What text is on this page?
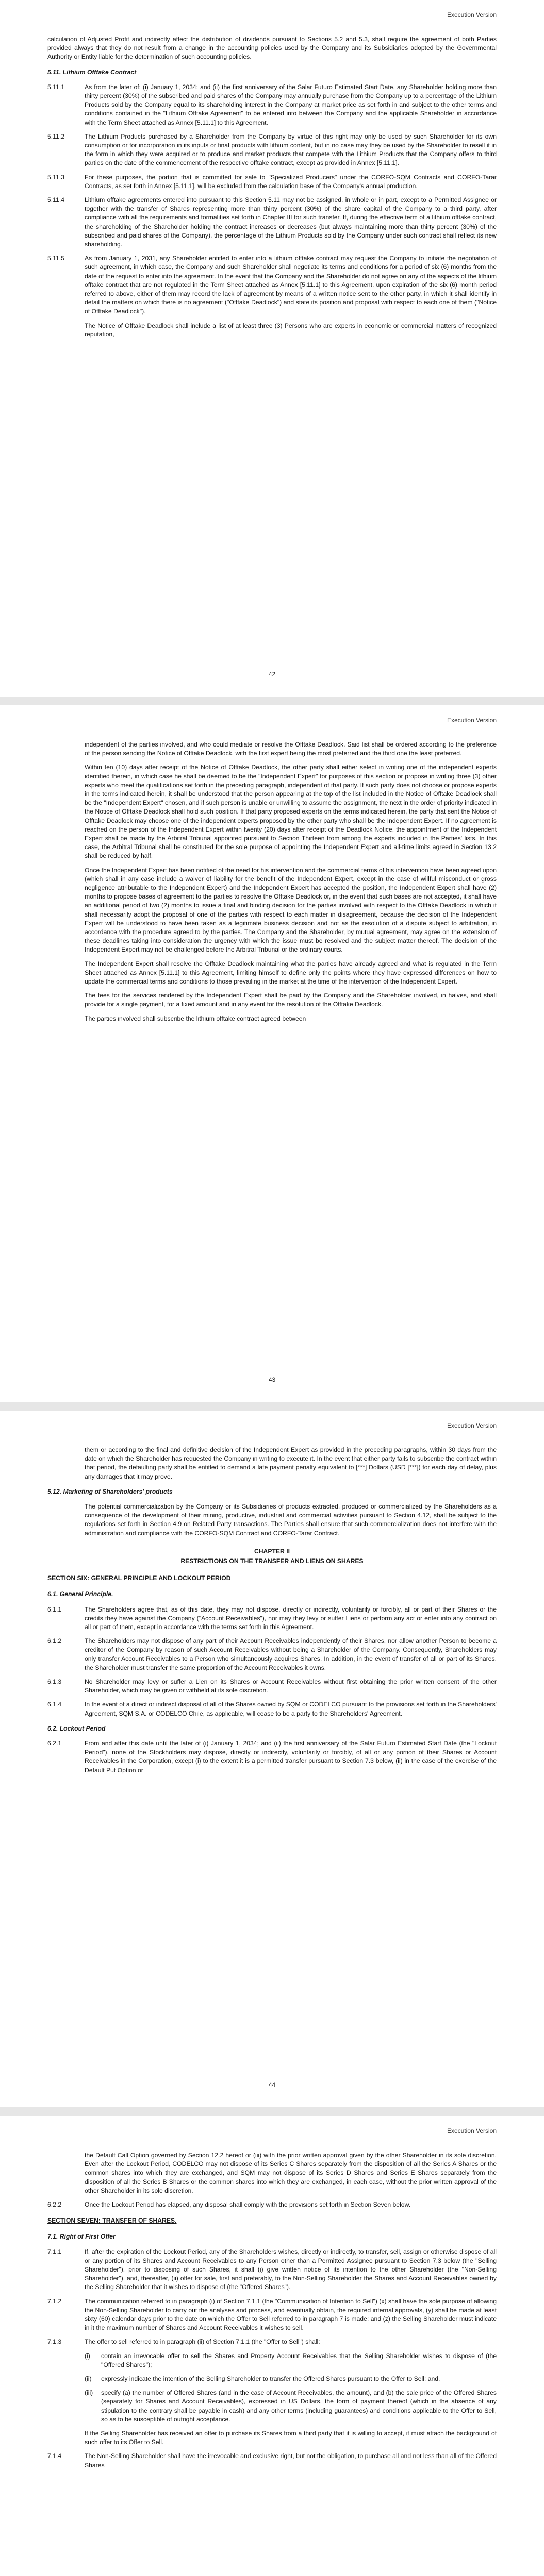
Execution Version

calculation of Adjusted Profit and indirectly affect the distribution of dividends pursuant to Sections 5.2 and 5.3, shall require the agreement of both Parties provided always that they do not result from a change in the accounting policies used by the Company and its Subsidiaries adopted by the Governmental Authority or Entity liable for the determination of such accounting policies.

5.11. Lithium Offtake Contract
5.11.1	As from the later of: (i) January 1, 2034; and (ii) the first anniversary of the Salar Futuro Estimated Start Date, any Shareholder holding more than thirty percent (30%) of the subscribed and paid shares of the Company may annually purchase from the Company up to a percentage of the Lithium Products sold by the Company equal to its shareholding interest in the Company at market price as set forth in and subject to the other terms and conditions contained in the "Lithium Offtake Agreement" to be entered into between the Company and the applicable Shareholder in accordance with the Term Sheet attached as Annex [5.11.1] to this Agreement.
5.11.2	The Lithium Products purchased by a Shareholder from the Company by virtue of this right may only be used by such Shareholder for its own consumption or for incorporation in its inputs or final products with lithium content, but in no case may they be used by the Shareholder to resell it in the form in which they were acquired or to produce and market products that compete with the Lithium Products that the Company offers to third parties on the date of the commencement of the respective offtake contract, except as provided in Annex [5.11.1].
5.11.3	For these purposes, the portion that is committed for sale to "Specialized Producers" under the CORFO-SQM Contracts and CORFO-Tarar Contracts, as set forth in Annex [5.11.1], will be excluded from the calculation base of the Company's annual production.
5.11.4	Lithium offtake agreements entered into pursuant to this Section 5.11 may not be assigned, in whole or in part, except to a Permitted Assignee or together with the transfer of Shares representing more than thirty percent (30%) of the share capital of the Company to a third party, after compliance with all the requirements and formalities set forth in Chapter III for such transfer. If, during the effective term of a lithium offtake contract, the shareholding of the Shareholder holding the contract increases or decreases (but always maintaining more than thirty percent (30%) of the subscribed and paid shares of the Company), the percentage of the Lithium Products sold by the Company under such contract shall reflect its new shareholding.
5.11.5	As from January 1, 2031, any Shareholder entitled to enter into a lithium offtake contract may request the Company to initiate the negotiation of such agreement, in which case, the Company and such Shareholder shall negotiate its terms and conditions for a period of six (6) months from the date of the request to enter into the agreement. In the event that the Company and the Shareholder do not agree on any of the aspects of the lithium offtake contract that are not regulated in the Term Sheet attached as Annex [5.11.1] to this Agreement, upon expiration of the six (6) month period referred to above, either of them may record the lack of agreement by means of a written notice sent to the other party, in which it shall identify in detail the matters on which there is no agreement ("Offtake Deadlock") and state its position and proposal with respect to each one of them ("Notice of Offtake Deadlock").
The Notice of Offtake Deadlock shall include a list of at least three (3) Persons who are experts in economic or commercial matters of recognized reputation,
42
Execution Version
independent of the parties involved, and who could mediate or resolve the Offtake Deadlock. Said list shall be ordered according to the preference of the person sending the Notice of Offtake Deadlock, with the first expert being the most preferred and the third one the least preferred.
Within ten (10) days after receipt of the Notice of Offtake Deadlock, the other party shall either select in writing one of the independent experts identified therein, in which case he shall be deemed to be the "Independent Expert" for purposes of this section or propose in writing three (3) other experts who meet the qualifications set forth in the preceding paragraph, independent of that party. If such party does not choose or propose experts in the terms indicated herein, it shall be understood that the person appearing at the top of the list included in the Notice of Offtake Deadlock shall be the "Independent Expert" chosen, and if such person is unable or unwilling to assume the assignment, the next in the order of priority indicated in the Notice of Offtake Deadlock shall hold such position. If that party proposed experts on the terms indicated herein, the party that sent the Notice of Offtake Deadlock may choose one of the independent experts proposed by the other party who shall be the Independent Expert. If no agreement is reached on the person of the Independent Expert within twenty (20) days after receipt of the Deadlock Notice, the appointment of the Independent Expert shall be made by the Arbitral Tribunal appointed pursuant to Section Thirteen from among the experts included in the Parties' lists. In this case, the Arbitral Tribunal shall be constituted for the sole purpose of appointing the Independent Expert and all-time limits agreed in Section 13.2 shall be reduced by half.
Once the Independent Expert has been notified of the need for his intervention and the commercial terms of his intervention have been agreed upon (which shall in any case include a waiver of liability for the benefit of the Independent Expert, except in the case of willful misconduct or gross negligence attributable to the Independent Expert) and the Independent Expert has accepted the position, the Independent Expert shall have (2) months to propose bases of agreement to the parties to resolve the Offtake Deadlock or, in the event that such bases are not accepted, it shall have an additional period of two (2) months to issue a final and binding decision for the parties involved with respect to the Offtake Deadlock in which it shall necessarily adopt the proposal of one of the parties with respect to each matter in disagreement, because the decision of the Independent Expert will be understood to have been taken as a legitimate business decision and not as the resolution of a dispute subject to arbitration, in accordance with the procedure agreed to by the parties. The Company and the Shareholder, by mutual agreement, may agree on the extension of these deadlines taking into consideration the urgency with which the issue must be resolved and the subject matter thereof. The decision of the Independent Expert may not be challenged before the Arbitral Tribunal or the ordinary courts.
The Independent Expert shall resolve the Offtake Deadlock maintaining what the parties have already agreed and what is regulated in the Term Sheet attached as Annex [5.11.1] to this Agreement, limiting himself to define only the points where they have expressed differences on how to update the commercial terms and conditions to those prevailing in the market at the time of the intervention of the Independent Expert.
The fees for the services rendered by the Independent Expert shall be paid by the Company and the Shareholder involved, in halves, and shall provide for a single payment, for a fixed amount and in any event for the resolution of the Offtake Deadlock.
The parties involved shall subscribe the lithium offtake contract agreed between
43
Execution Version
them or according to the final and definitive decision of the Independent Expert as provided in the preceding paragraphs, within 30 days from the date on which the Shareholder has requested the Company in writing to execute it. In the event that either party fails to subscribe the contract within that period, the defaulting party shall be entitled to demand a late payment penalty equivalent to [***] Dollars (USD [***]) for each day of delay, plus any damages that it may prove.
5.12. Marketing of Shareholders' products
The potential commercialization by the Company or its Subsidiaries of products extracted, produced or commercialized by the Shareholders as a consequence of the development of their mining, productive, industrial and commercial activities pursuant to Section 4.12, shall be subject to the regulations set forth in Section 4.9 on Related Party transactions. The Parties shall ensure that such commercialization does not interfere with the administration and compliance with the CORFO-SQM Contract and CORFO-Tarar Contract.
CHAPTER II
RESTRICTIONS ON THE TRANSFER AND LIENS ON SHARES
SECTION SIX: GENERAL PRINCIPLE AND LOCKOUT PERIOD
6.1. General Principle.
6.1.1	The Shareholders agree that, as of this date, they may not dispose, directly or indirectly, voluntarily or forcibly, all or part of their Shares or the credits they have against the Company ("Account Receivables"), nor may they levy or suffer Liens or perform any act or enter into any contract on all or part of them, except in accordance with the terms set forth in this Agreement.
6.1.2	The Shareholders may not dispose of any part of their Account Receivables independently of their Shares, nor allow another Person to become a creditor of the Company by reason of such Account Receivables without being a Shareholder of the Company. Consequently, Shareholders may only transfer Account Receivables to a Person who simultaneously acquires Shares. In addition, in the event of transfer of all or part of its Shares, the Shareholder must transfer the same proportion of the Account Receivables it owns.
6.1.3	No Shareholder may levy or suffer a Lien on its Shares or Account Receivables without first obtaining the prior written consent of the other Shareholder, which may be given or withheld at its sole discretion.
6.1.4	In the event of a direct or indirect disposal of all of the Shares owned by SQM or CODELCO pursuant to the provisions set forth in the Shareholders' Agreement, SQM S.A. or CODELCO Chile, as applicable, will cease to be a party to the Shareholders' Agreement.
6.2. Lockout Period
6.2.1	From and after this date until the later of (i) January 1, 2034; and (ii) the first anniversary of the Salar Futuro Estimated Start Date (the "Lockout Period"), none of the Stockholders may dispose, directly or indirectly, voluntarily or forcibly, of all or any portion of their Shares or Account Receivables in the Corporation, except (i) to the extent it is a permitted transfer pursuant to Section 7.3 below, (ii) in the case of the exercise of the Default Put Option or
44
Execution Version
the Default Call Option governed by Section 12.2 hereof or (iii) with the prior written approval given by the other Shareholder in its sole discretion. Even after the Lockout Period, CODELCO may not dispose of its Series C Shares separately from the disposition of all the Series A Shares or the common shares into which they are exchanged, and SQM may not dispose of its Series D Shares and Series E Shares separately from the disposition of all the Series B Shares or the common shares into which they are exchanged, in each case, without the prior written approval of the other Shareholder in its sole discretion.
6.2.2	Once the Lockout Period has elapsed, any disposal shall comply with the provisions set forth in Section Seven below.
SECTION SEVEN: TRANSFER OF SHARES.
7.1. Right of First Offer
7.1.1	If, after the expiration of the Lockout Period, any of the Shareholders wishes, directly or indirectly, to transfer, sell, assign or otherwise dispose of all or any portion of its Shares and Account Receivables to any Person other than a Permitted Assignee pursuant to Section 7.3 below (the "Selling Shareholder"), prior to disposing of such Shares, it shall (i) give written notice of its intention to the other Shareholder (the "Non-Selling Shareholder"), and, thereafter, (ii) offer for sale, first and preferably, to the Non-Selling Shareholder the Shares and Account Receivables owned by the Selling Shareholder that it wishes to dispose of (the "Offered Shares").
7.1.2	The communication referred to in paragraph (i) of Section 7.1.1 (the "Communication of Intention to Sell") (x) shall have the sole purpose of allowing the Non-Selling Shareholder to carry out the analyses and process, and eventually obtain, the required internal approvals, (y) shall be made at least sixty (60) calendar days prior to the date on which the Offer to Sell referred to in paragraph 7 is made; and (z) the Selling Shareholder must indicate in it the maximum number of Shares and Account Receivables it wishes to sell.
7.1.3	The offer to sell referred to in paragraph (ii) of Section 7.1.1 (the "Offer to Sell") shall:
(i) contain an irrevocable offer to sell the Shares and Property Account Receivables that the Selling Shareholder wishes to dispose of (the "Offered Shares");
(ii) expressly indicate the intention of the Selling Shareholder to transfer the Offered Shares pursuant to the Offer to Sell; and,
(iii) specify (a) the number of Offered Shares (and in the case of Account Receivables, the amount), and (b) the sale price of the Offered Shares (separately for Shares and Account Receivables), expressed in US Dollars, the form of payment thereof (which in the absence of any stipulation to the contrary shall be payable in cash) and any other terms (including guarantees) and conditions applicable to the Offer to Sell, so as to be susceptible of outright acceptance.
If the Selling Shareholder has received an offer to purchase its Shares from a third party that it is willing to accept, it must attach the background of such offer to its Offer to Sell.
7.1.4	The Non-Selling Shareholder shall have the irrevocable and exclusive right, but not the obligation, to purchase all and not less than all of the Offered Shares
